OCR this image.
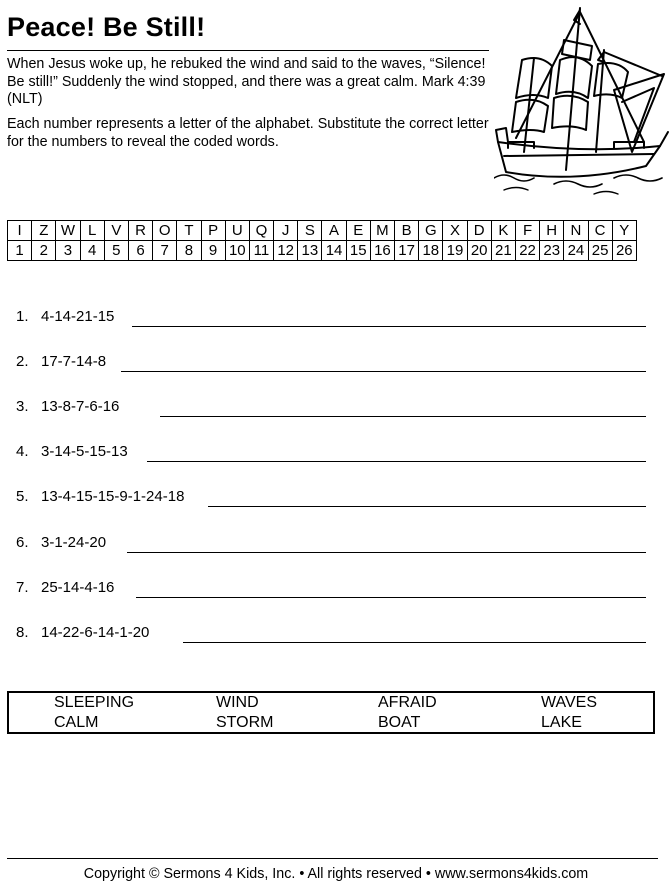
Peace! Be Still!
When Jesus woke up, he rebuked the wind and said to the waves, “Silence! Be still!” Suddenly the wind stopped, and there was a great calm. Mark 4:39 (NLT)
Each number represents a letter of the alphabet. Substitute the correct letter for the numbers to reveal the coded words.
I	Z	W	L	V	R	O	T	P	U	Q	J	S	A	E	M	B	G	X	D	K	F	H	N	C	Y
1	2	3	4	5	6	7	8	9	10	11	12	13	14	15	16	17	18	19	20	21	22	23	24	25	26
1. 4-14-21-15
2. 17-7-14-8
3. 13-8-7-6-16
4. 3-14-5-15-13
5. 13-4-15-15-9-1-24-18
6. 3-1-24-20
7. 25-14-4-16
8. 14-22-6-14-1-20
SLEEPING	WIND	AFRAID	WAVES
CALM	STORM	BOAT	LAKE
Copyright © Sermons 4 Kids, Inc. • All rights reserved • www.sermons4kids.com
